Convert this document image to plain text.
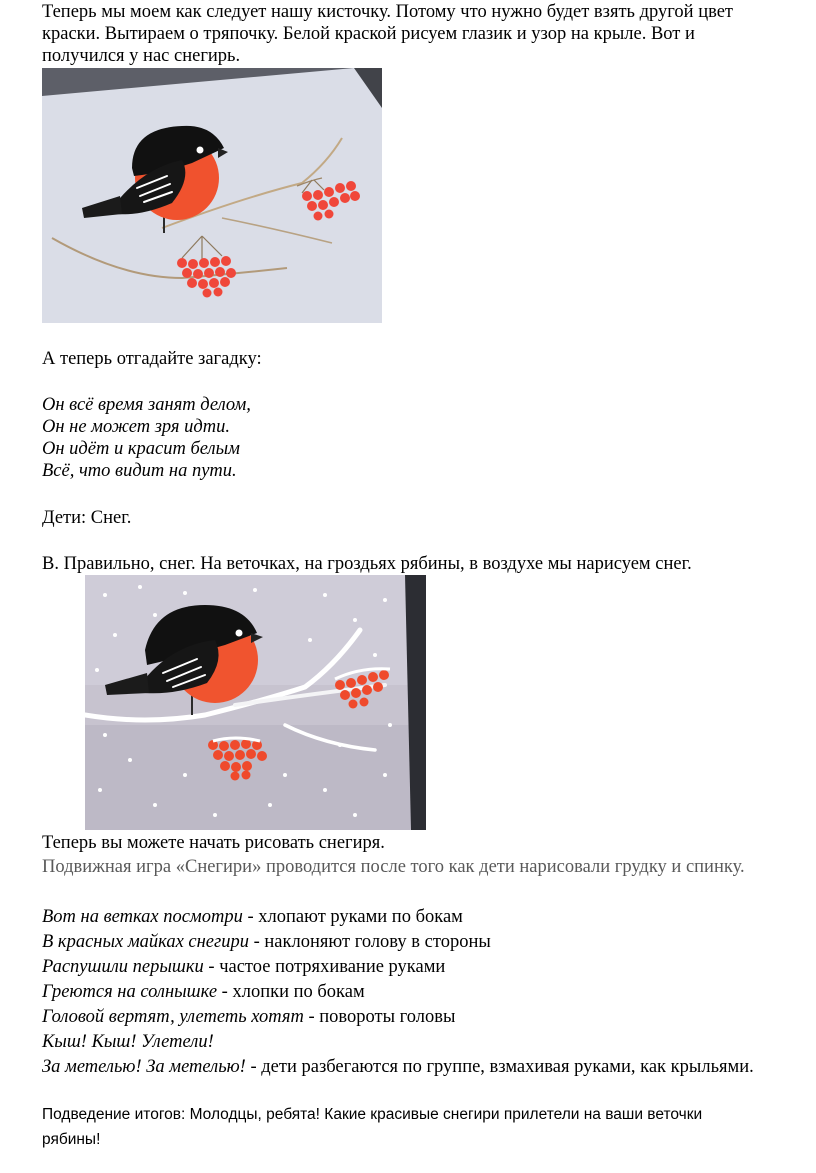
Теперь мы моем как следует нашу кисточку. Потому что нужно будет взять другой цвет

краски. Вытираем о тряпочку. Белой краской рисуем глазик и узор на крыле. Вот и

получился у нас снегирь.

А теперь отгадайте загадку:

Он всё время занят делом,

Он не может зря идти.

Он идёт и красит белым

Всё, что видит на пути.

Дети: Снег.

В. Правильно, снег. На веточках, на гроздьях рябины, в воздухе мы нарисуем снег.

Теперь вы можете начать рисовать снегиря.

Подвижная игра «Снегири» проводится после того как дети нарисовали грудку и спинку.

Вот на ветках посмотри - хлопают руками по бокам

В красных майках снегири - наклоняют голову в стороны

Распушили перышки - частое потряхивание руками

Греются на солнышке - хлопки по бокам

Головой вертят, улететь хотят - повороты головы

Кыш! Кыш! Улетели!

За метелью! За метелью! - дети разбегаются по группе, взмахивая руками, как крыльями.

Подведение итогов: Молодцы, ребята! Какие красивые снегири прилетели на ваши веточки

рябины!
